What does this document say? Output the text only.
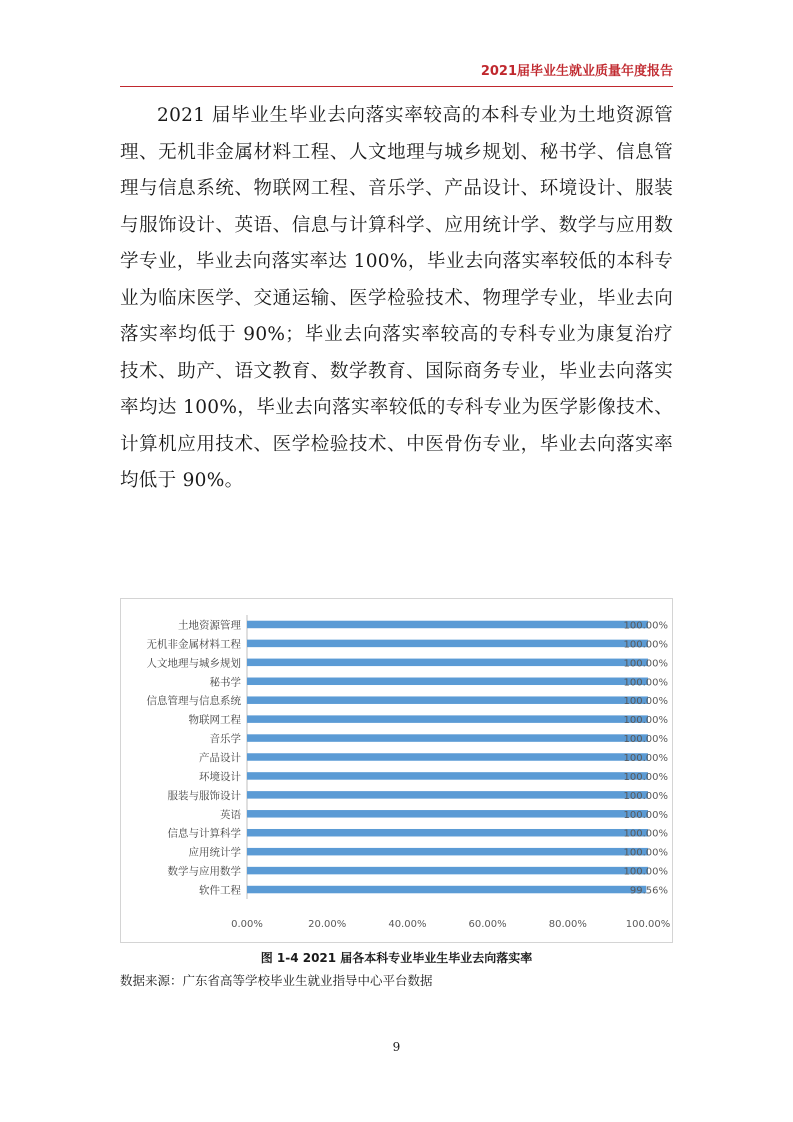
2021届毕业生就业质量年度报告
2021 届毕业生毕业去向落实率较高的本科专业为土地资源管理、无机非金属材料工程、人文地理与城乡规划、秘书学、信息管理与信息系统、物联网工程、音乐学、产品设计、环境设计、服装与服饰设计、英语、信息与计算科学、应用统计学、数学与应用数学专业，毕业去向落实率达 100%，毕业去向落实率较低的本科专业为临床医学、交通运输、医学检验技术、物理学专业，毕业去向落实率均低于 90%；毕业去向落实率较高的专科专业为康复治疗技术、助产、语文教育、数学教育、国际商务专业，毕业去向落实率均达 100%，毕业去向落实率较低的专科专业为医学影像技术、计算机应用技术、医学检验技术、中医骨伤专业，毕业去向落实率均低于 90%。
土地资源管理	100.00%
无机非金属材料工程	100.00%
人文地理与城乡规划	100.00%
秘书学	100.00%
信息管理与信息系统	100.00%
物联网工程	100.00%
音乐学	100.00%
产品设计	100.00%
环境设计	100.00%
服装与服饰设计	100.00%
英语	100.00%
信息与计算科学	100.00%
应用统计学	100.00%
数学与应用数学	100.00%
软件工程	99.56%
0.00%	20.00%	40.00%	60.00%	80.00%	100.00%
图 1-4 2021 届各本科专业毕业生毕业去向落实率
数据来源：广东省高等学校毕业生就业指导中心平台数据
9
